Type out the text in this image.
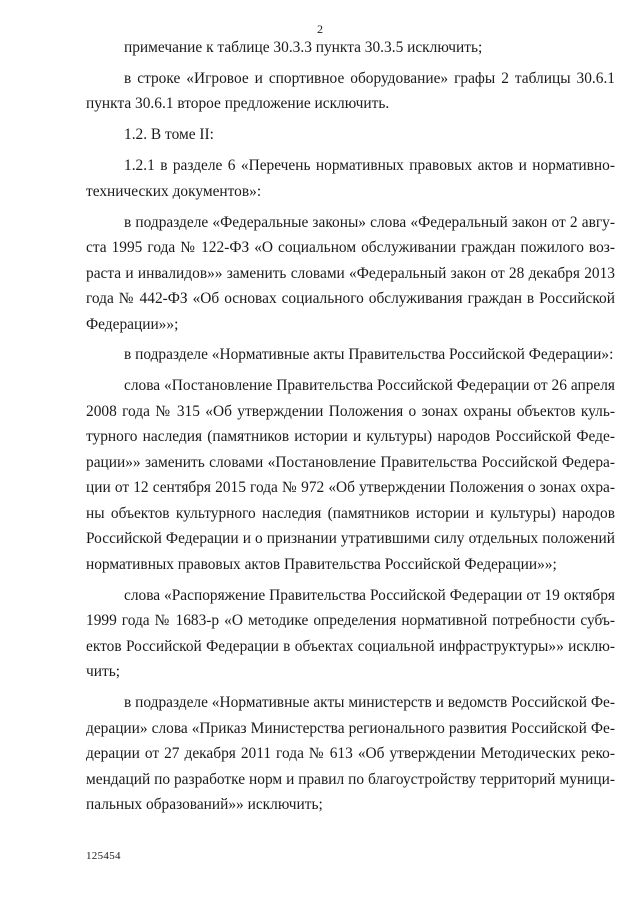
2

примечание к таблице 30.3.3 пункта 30.3.5 исключить;

в строке «Игровое и спортивное оборудование» графы 2 таблицы 30.6.1 пункта 30.6.1 второе предложение исключить.

1.2. В томе II:

1.2.1 в разделе 6 «Перечень нормативных правовых актов и нормативно-технических документов»:

в подразделе «Федеральные законы» слова «Федеральный закон от 2 августа 1995 года № 122-ФЗ «О социальном обслуживании граждан пожилого возраста и инвалидов»» заменить словами «Федеральный закон от 28 декабря 2013 года № 442-ФЗ «Об основах социального обслуживания граждан в Российской Федерации»»;

в подразделе «Нормативные акты Правительства Российской Федерации»:

слова «Постановление Правительства Российской Федерации от 26 апреля 2008 года № 315 «Об утверждении Положения о зонах охраны объектов культурного наследия (памятников истории и культуры) народов Российской Федерации»» заменить словами «Постановление Правительства Российской Федерации от 12 сентября 2015 года № 972 «Об утверждении Положения о зонах охраны объектов культурного наследия (памятников истории и культуры) народов Российской Федерации и о признании утратившими силу отдельных положений нормативных правовых актов Правительства Российской Федерации»»;

слова «Распоряжение Правительства Российской Федерации от 19 октября 1999 года № 1683-р «О методике определения нормативной потребности субъектов Российской Федерации в объектах социальной инфраструктуры»» исключить;

в подразделе «Нормативные акты министерств и ведомств Российской Федерации» слова «Приказ Министерства регионального развития Российской Федерации от 27 декабря 2011 года № 613 «Об утверждении Методических рекомендаций по разработке норм и правил по благоустройству территорий муниципальных образований»» исключить;

125454
